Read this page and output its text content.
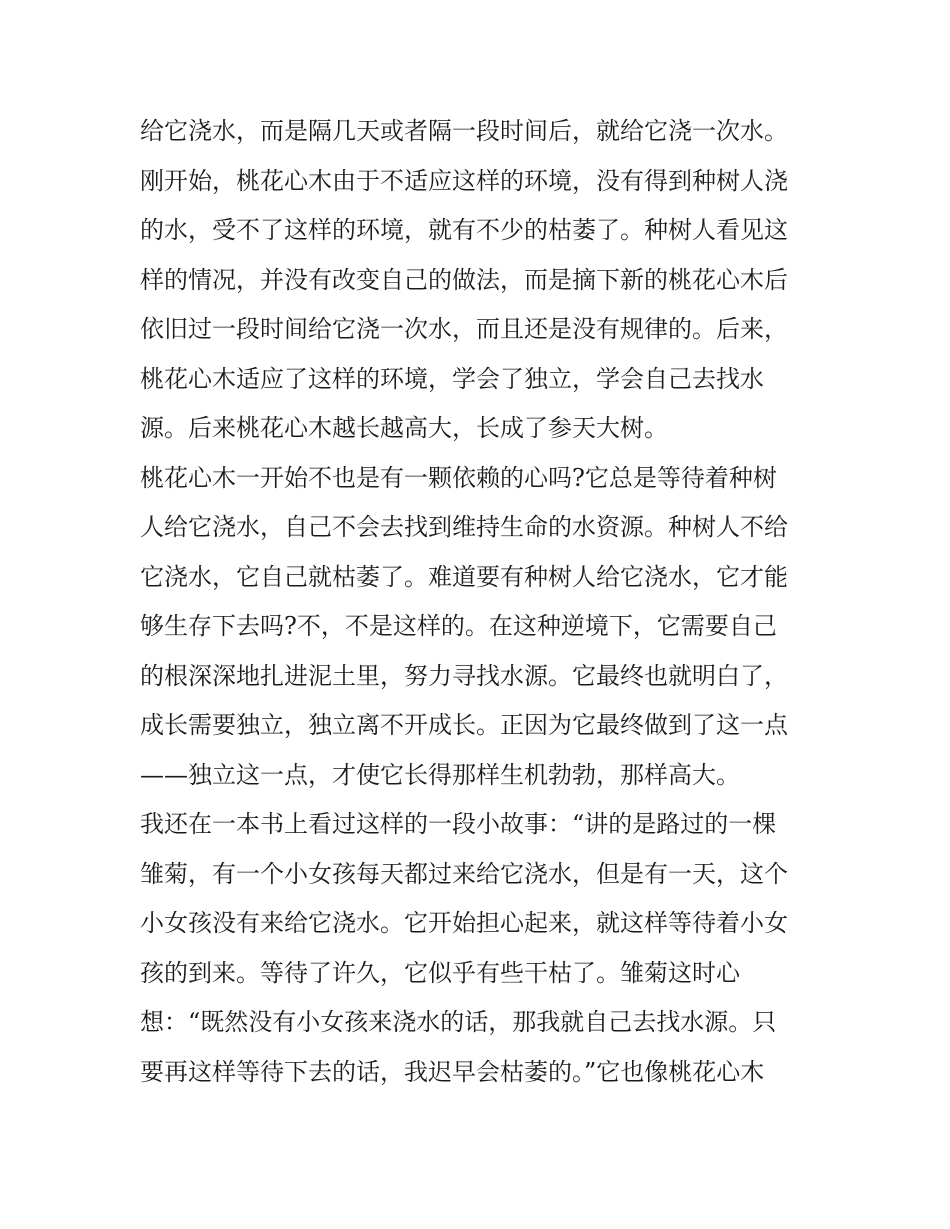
给它浇水，而是隔几天或者隔一段时间后，就给它浇一次水。
刚开始，桃花心木由于不适应这样的环境，没有得到种树人浇
的水，受不了这样的环境，就有不少的枯萎了。种树人看见这
样的情况，并没有改变自己的做法，而是摘下新的桃花心木后
依旧过一段时间给它浇一次水，而且还是没有规律的。后来，
桃花心木适应了这样的环境，学会了独立，学会自己去找水
源。后来桃花心木越长越高大，长成了参天大树。
桃花心木一开始不也是有一颗依赖的心吗?它总是等待着种树
人给它浇水，自己不会去找到维持生命的水资源。种树人不给
它浇水，它自己就枯萎了。难道要有种树人给它浇水，它才能
够生存下去吗?不，不是这样的。在这种逆境下，它需要自己
的根深深地扎进泥土里，努力寻找水源。它最终也就明白了，
成长需要独立，独立离不开成长。正因为它最终做到了这一点
——独立这一点，才使它长得那样生机勃勃，那样高大。
我还在一本书上看过这样的一段小故事：“讲的是路过的一棵
雏菊，有一个小女孩每天都过来给它浇水，但是有一天，这个
小女孩没有来给它浇水。它开始担心起来，就这样等待着小女
孩的到来。等待了许久，它似乎有些干枯了。雏菊这时心
想：“既然没有小女孩来浇水的话，那我就自己去找水源。只
要再这样等待下去的话，我迟早会枯萎的。”它也像桃花心木
